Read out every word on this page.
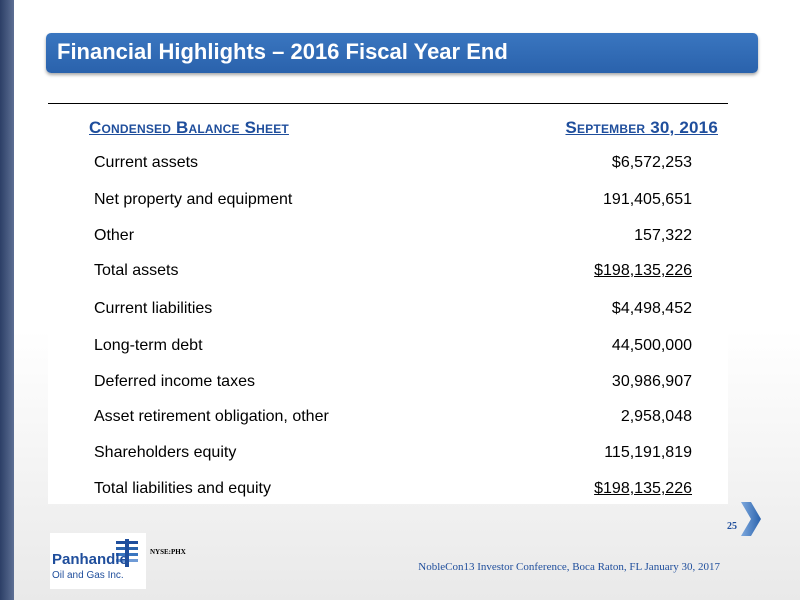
Financial Highlights – 2016 Fiscal Year End
Condensed Balance Sheet	September 30, 2016
Current assets	$6,572,253
Net property and equipment	191,405,651
Other	157,322
Total assets	$198,135,226
Current liabilities	$4,498,452
Long-term debt	44,500,000
Deferred income taxes	30,986,907
Asset retirement obligation, other	2,958,048
Shareholders equity	115,191,819
Total liabilities and equity	$198,135,226
25
Panhandle
Oil and Gas Inc.
NYSE:PHX
NobleCon13 Investor Conference, Boca Raton, FL January 30, 2017
